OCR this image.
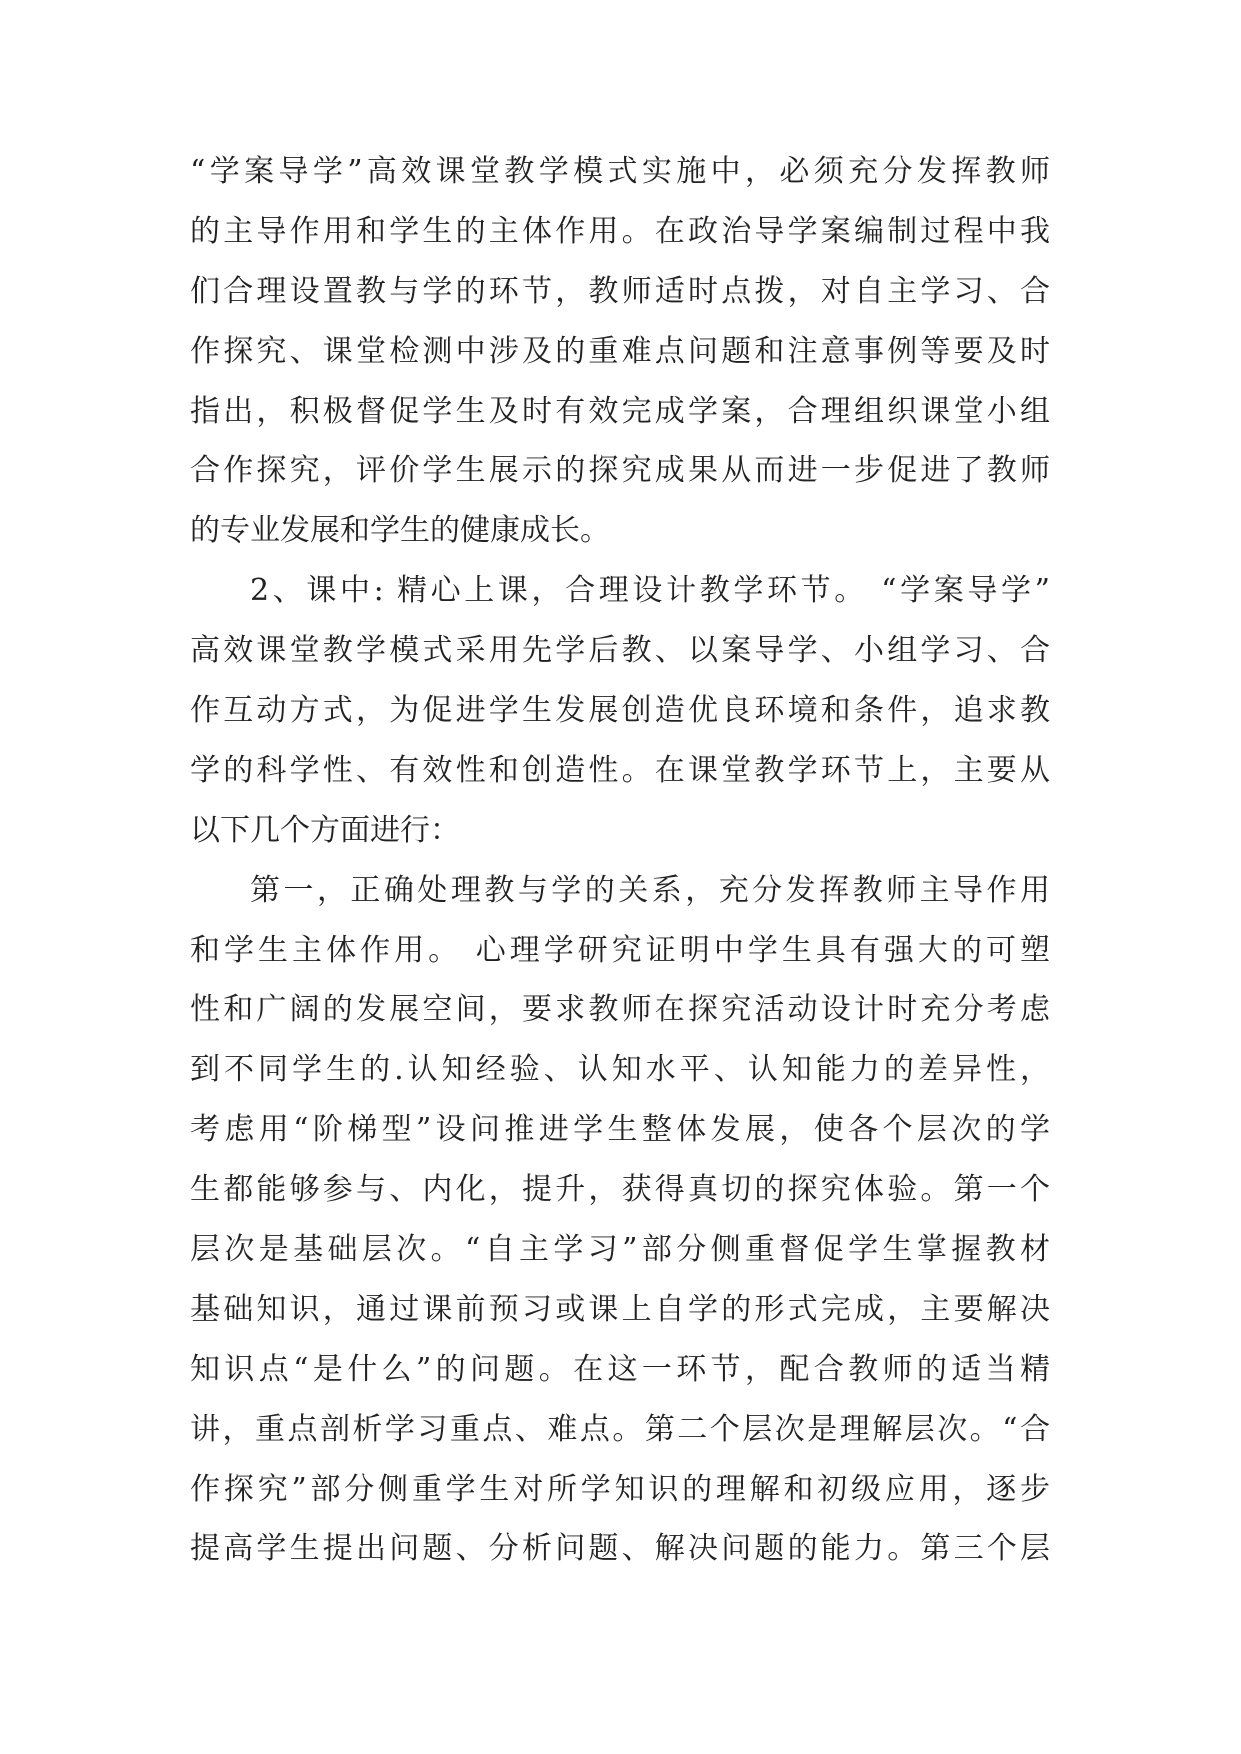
“学案导学”高效课堂教学模式实施中，必须充分发挥教师
的主导作用和学生的主体作用。在政治导学案编制过程中我
们合理设置教与学的环节，教师适时点拨，对自主学习、合
作探究、课堂检测中涉及的重难点问题和注意事例等要及时
指出，积极督促学生及时有效完成学案，合理组织课堂小组
合作探究，评价学生展示的探究成果从而进一步促进了教师
的专业发展和学生的健康成长。
2、课中: 精心上课，合理设计教学环节。 “学案导学”
高效课堂教学模式采用先学后教、以案导学、小组学习、合
作互动方式，为促进学生发展创造优良环境和条件，追求教
学的科学性、有效性和创造性。在课堂教学环节上，主要从
以下几个方面进行：
第一，正确处理教与学的关系，充分发挥教师主导作用
和学生主体作用。 心理学研究证明中学生具有强大的可塑
性和广阔的发展空间，要求教师在探究活动设计时充分考虑
到不同学生的.认知经验、认知水平、认知能力的差异性，
考虑用“阶梯型”设问推进学生整体发展，使各个层次的学
生都能够参与、内化，提升，获得真切的探究体验。第一个
层次是基础层次。“自主学习”部分侧重督促学生掌握教材
基础知识，通过课前预习或课上自学的形式完成，主要解决
知识点“是什么”的问题。在这一环节，配合教师的适当精
讲，重点剖析学习重点、难点。第二个层次是理解层次。“合
作探究”部分侧重学生对所学知识的理解和初级应用，逐步
提高学生提出问题、分析问题、解决问题的能力。第三个层
